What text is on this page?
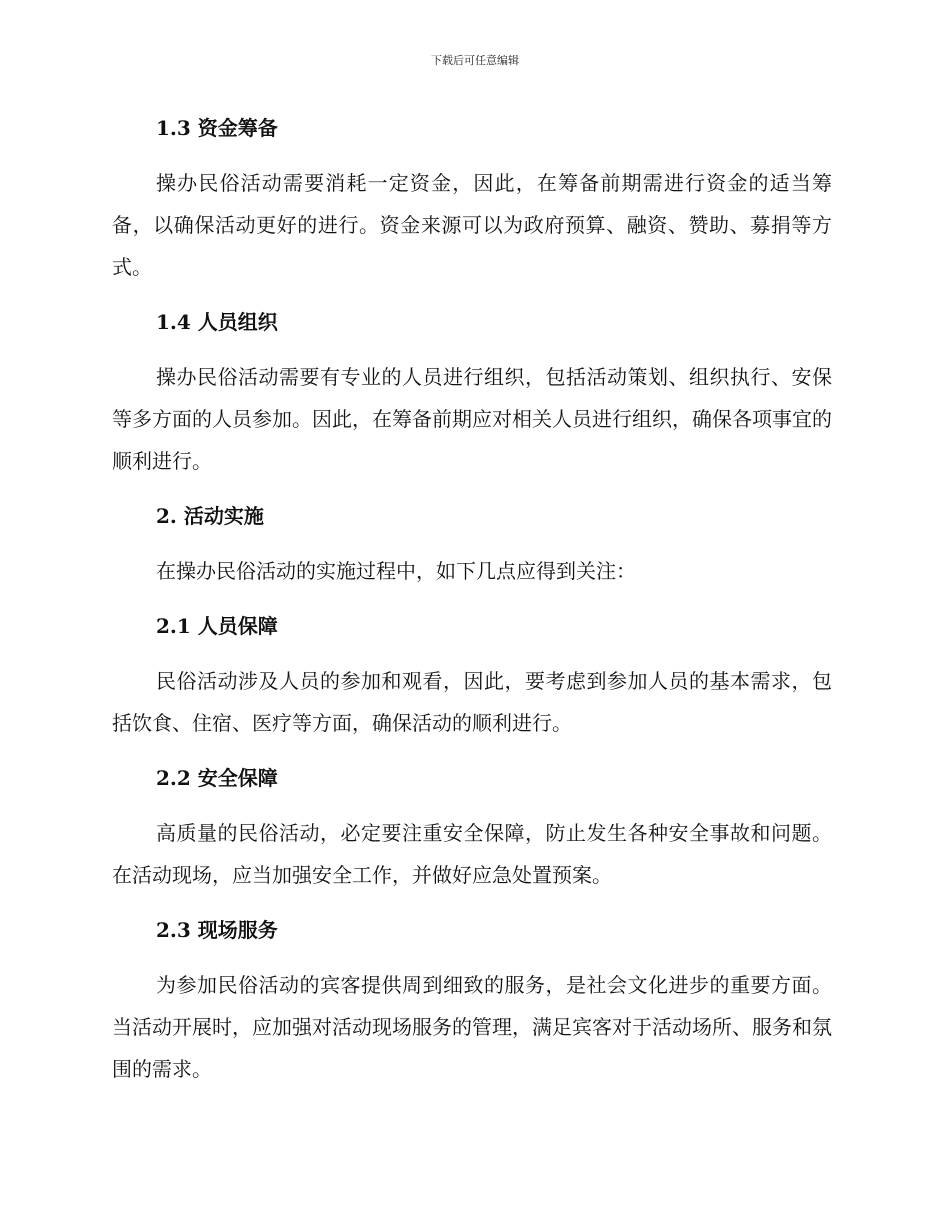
下载后可任意编辑
1.3 资金筹备

操办民俗活动需要消耗一定资金，因此，在筹备前期需进行资金的适当筹备，以确保活动更好的进行。资金来源可以为政府预算、融资、赞助、募捐等方式。

1.4 人员组织

操办民俗活动需要有专业的人员进行组织，包括活动策划、组织执行、安保等多方面的人员参加。因此，在筹备前期应对相关人员进行组织，确保各项事宜的顺利进行。

2. 活动实施

在操办民俗活动的实施过程中，如下几点应得到关注：

2.1 人员保障

民俗活动涉及人员的参加和观看，因此，要考虑到参加人员的基本需求，包括饮食、住宿、医疗等方面，确保活动的顺利进行。

2.2 安全保障

高质量的民俗活动，必定要注重安全保障，防止发生各种安全事故和问题。在活动现场，应当加强安全工作，并做好应急处置预案。

2.3 现场服务

为参加民俗活动的宾客提供周到细致的服务，是社会文化进步的重要方面。当活动开展时，应加强对活动现场服务的管理，满足宾客对于活动场所、服务和氛围的需求。
